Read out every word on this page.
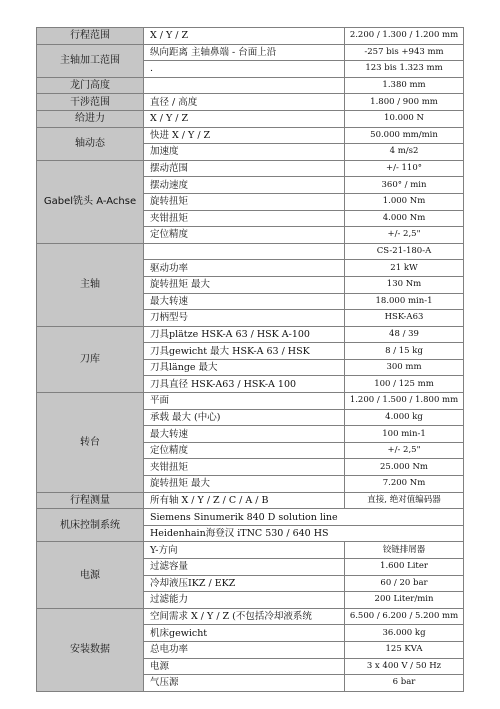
行程范围	X / Y / Z	2.200 / 1.300 / 1.200 mm
主轴加工范围	纵向距离 主轴鼻端 - 台面上沿	-257 bis +943 mm
	.	123 bis 1.323 mm
龙门高度		1.380 mm
干涉范围	直径 / 高度	1.800 / 900 mm
给进力	X / Y / Z	10.000 N
轴动态	快进 X / Y / Z	50.000 mm/min
	加速度	4 m/s2
Gabel铣头 A-Achse	摆动范围	+/- 110°
	摆动速度	360° / min
	旋转扭矩	1.000 Nm
	夹钳扭矩	4.000 Nm
	定位精度	+/- 2,5"
主轴		CS-21-180-A
	驱动功率	21 kW
	旋转扭矩 最大	130 Nm
	最大转速	18.000 min-1
	刀柄型号	HSK-A63
刀库	刀具plätze HSK-A 63 / HSK A-100	48 / 39
	刀具gewicht 最大 HSK-A 63 / HSK	8 / 15 kg
	刀具länge 最大	300 mm
	刀具直径 HSK-A63 / HSK-A 100	100 / 125 mm
转台	平面	1.200 / 1.500 / 1.800 mm
	承载 最大 (中心)	4.000 kg
	最大转速	100 min-1
	定位精度	+/- 2,5"
	夹钳扭矩	25.000 Nm
	旋转扭矩 最大	7.200 Nm
行程测量	所有轴 X / Y / Z / C / A / B	直接, 绝对值编码器
机床控制系统	Siemens Sinumerik 840 D solution line	
	Heidenhain海登汉 iTNC 530 / 640 HS	
电源	Y-方向	铰链排屑器
	过滤容量	1.600 Liter
	冷却液压IKZ / EKZ	60 / 20 bar
	过滤能力	200 Liter/min
安装数据	空间需求 X / Y / Z (不包括冷却液系统	6.500 / 6.200 / 5.200 mm
	机床gewicht	36.000 kg
	总电功率	125 KVA
	电源	3 x 400 V / 50 Hz
	气压源	6 bar
